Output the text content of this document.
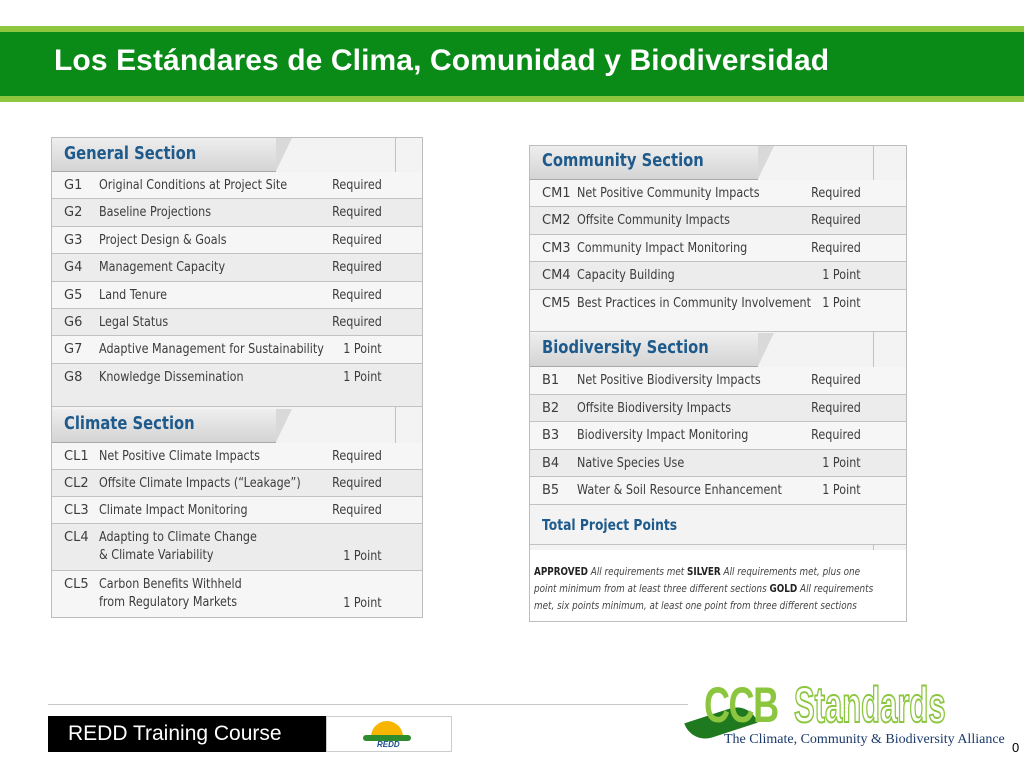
Los Estándares de Clima, Comunidad y Biodiversidad
General Section
G1 Original Conditions at Project Site	Required
G2 Baseline Projections	Required
G3 Project Design & Goals	Required
G4 Management Capacity	Required
G5 Land Tenure	Required
G6 Legal Status	Required
G7 Adaptive Management for Sustainability 1 Point
G8 Knowledge Dissemination	1 Point
Climate Section
CL1 Net Positive Climate Impacts	Required
CL2 Offsite Climate Impacts (“Leakage”) Required
CL3 Climate Impact Monitoring	Required
CL4 Adapting to Climate Change
& Climate Variability	1 Point
CL5 Carbon Benefits Withheld
from Regulatory Markets	1 Point
Community Section
CM1 Net Positive Community Impacts	Required
CM2 Offsite Community Impacts	Required
CM3 Community Impact Monitoring	Required
CM4 Capacity Building	1 Point
CM5 Best Practices in Community Involvement 1 Point
Biodiversity Section
B1 Net Positive Biodiversity Impacts	Required
B2 Offsite Biodiversity Impacts	Required
B3 Biodiversity Impact Monitoring	Required
B4 Native Species Use	1 Point
B5 Water & Soil Resource Enhancement	1 Point
Total Project Points
APPROVED All requirements met SILVER All requirements met, plus one
point minimum from at least three different sections GOLD All requirements
met, six points minimum, at least one point from three different sections
REDD Training Course	REDD
CCB Standards
The Climate, Community & Biodiversity Alliance
0
